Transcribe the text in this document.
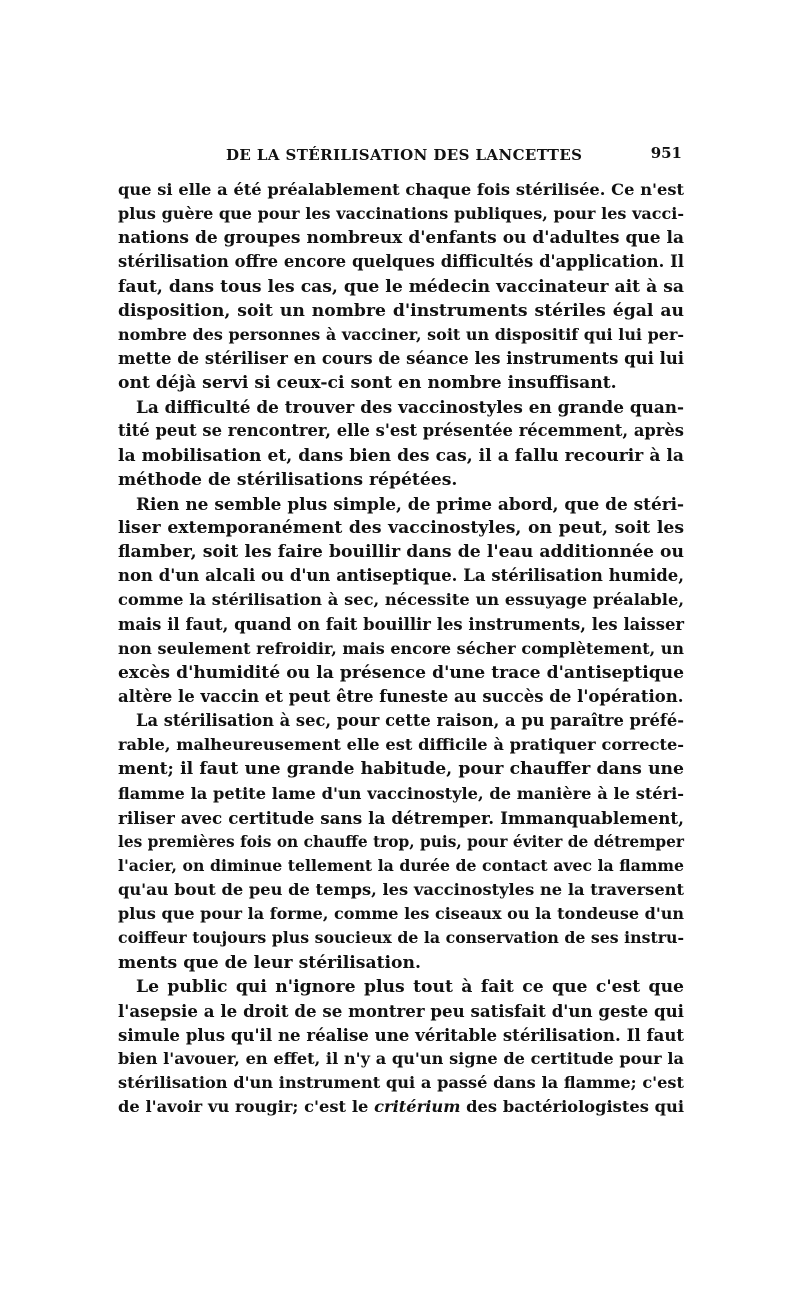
DE LA STÉRILISATION DES LANCETTES	951
que si elle a été préalablement chaque fois stérilisée. Ce n'est
plus guère que pour les vaccinations publiques, pour les vacci-
nations de groupes nombreux d'enfants ou d'adultes que la
stérilisation offre encore quelques difficultés d'application. Il
faut, dans tous les cas, que le médecin vaccinateur ait à sa
disposition, soit un nombre d'instruments stériles égal au
nombre des personnes à vacciner, soit un dispositif qui lui per-
mette de stériliser en cours de séance les instruments qui lui
ont déjà servi si ceux-ci sont en nombre insuffisant.
La difficulté de trouver des vaccinostyles en grande quan-
tité peut se rencontrer, elle s'est présentée récemment, après
la mobilisation et, dans bien des cas, il a fallu recourir à la
méthode de stérilisations répétées.
Rien ne semble plus simple, de prime abord, que de stéri-
liser extemporanément des vaccinostyles, on peut, soit les
flamber, soit les faire bouillir dans de l'eau additionnée ou
non d'un alcali ou d'un antiseptique. La stérilisation humide,
comme la stérilisation à sec, nécessite un essuyage préalable,
mais il faut, quand on fait bouillir les instruments, les laisser
non seulement refroidir, mais encore sécher complètement, un
excès d'humidité ou la présence d'une trace d'antiseptique
altère le vaccin et peut être funeste au succès de l'opération.
La stérilisation à sec, pour cette raison, a pu paraître préfé-
rable, malheureusement elle est difficile à pratiquer correcte-
ment; il faut une grande habitude, pour chauffer dans une
flamme la petite lame d'un vaccinostyle, de manière à le stéri-
riliser avec certitude sans la détremper. Immanquablement,
les premières fois on chauffe trop, puis, pour éviter de détremper
l'acier, on diminue tellement la durée de contact avec la flamme
qu'au bout de peu de temps, les vaccinostyles ne la traversent
plus que pour la forme, comme les ciseaux ou la tondeuse d'un
coiffeur toujours plus soucieux de la conservation de ses instru-
ments que de leur stérilisation.
Le public qui n'ignore plus tout à fait ce que c'est que
l'asepsie a le droit de se montrer peu satisfait d'un geste qui
simule plus qu'il ne réalise une véritable stérilisation. Il faut
bien l'avouer, en effet, il n'y a qu'un signe de certitude pour la
stérilisation d'un instrument qui a passé dans la flamme; c'est
de l'avoir vu rougir; c'est le critérium des bactériologistes qui
